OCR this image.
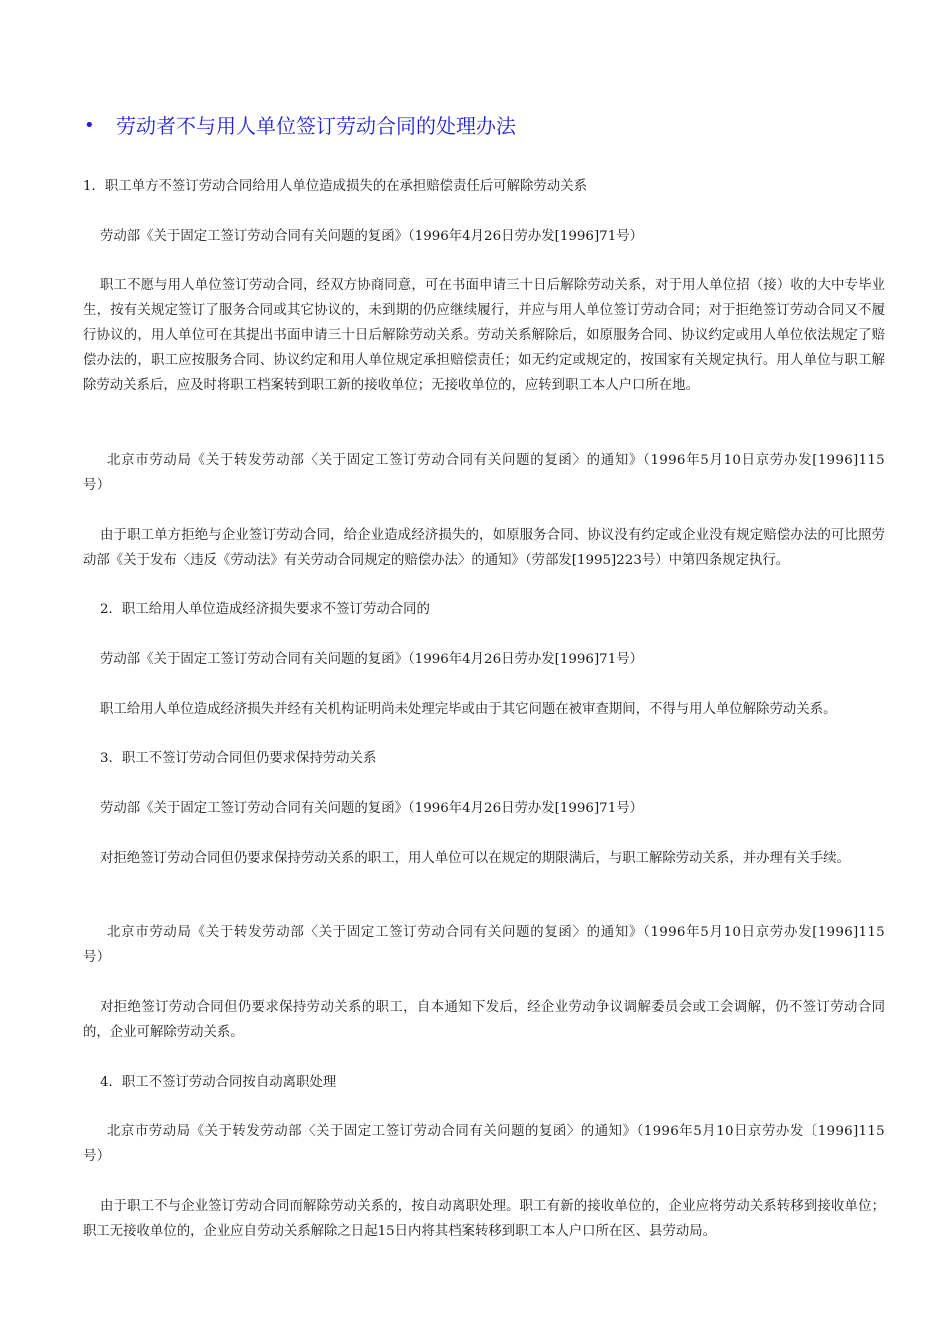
•	劳动者不与用人单位签订劳动合同的处理办法
1．职工单方不签订劳动合同给用人单位造成损失的在承担赔偿责任后可解除劳动关系
劳动部《关于固定工签订劳动合同有关问题的复函》（1996年4月26日劳办发[1996]71号）
职工不愿与用人单位签订劳动合同，经双方协商同意，可在书面申请三十日后解除劳动关系，对于用人单位招（接）收的大中专毕业生，按有关规定签订了服务合同或其它协议的，未到期的仍应继续履行，并应与用人单位签订劳动合同；对于拒绝签订劳动合同又不履行协议的，用人单位可在其提出书面申请三十日后解除劳动关系。劳动关系解除后，如原服务合同、协议约定或用人单位依法规定了赔偿办法的，职工应按服务合同、协议约定和用人单位规定承担赔偿责任；如无约定或规定的，按国家有关规定执行。用人单位与职工解除劳动关系后，应及时将职工档案转到职工新的接收单位；无接收单位的，应转到职工本人户口所在地。
北京市劳动局《关于转发劳动部〈关于固定工签订劳动合同有关问题的复函〉的通知》（1996年5月10日京劳办发[1996]115号）
由于职工单方拒绝与企业签订劳动合同，给企业造成经济损失的，如原服务合同、协议没有约定或企业没有规定赔偿办法的可比照劳动部《关于发布〈违反《劳动法》有关劳动合同规定的赔偿办法〉的通知》（劳部发[1995]223号）中第四条规定执行。
2．职工给用人单位造成经济损失要求不签订劳动合同的
劳动部《关于固定工签订劳动合同有关问题的复函》（1996年4月26日劳办发[1996]71号）
职工给用人单位造成经济损失并经有关机构证明尚未处理完毕或由于其它问题在被审查期间，不得与用人单位解除劳动关系。
3．职工不签订劳动合同但仍要求保持劳动关系
劳动部《关于固定工签订劳动合同有关问题的复函》（1996年4月26日劳办发[1996]71号）
对拒绝签订劳动合同但仍要求保持劳动关系的职工，用人单位可以在规定的期限满后，与职工解除劳动关系，并办理有关手续。
北京市劳动局《关于转发劳动部〈关于固定工签订劳动合同有关问题的复函〉的通知》（1996年5月10日京劳办发[1996]115号）
对拒绝签订劳动合同但仍要求保持劳动关系的职工，自本通知下发后，经企业劳动争议调解委员会或工会调解，仍不签订劳动合同的，企业可解除劳动关系。
4．职工不签订劳动合同按自动离职处理
北京市劳动局《关于转发劳动部〈关于固定工签订劳动合同有关问题的复函〉的通知》（1996年5月10日京劳办发〔1996]115号）
由于职工不与企业签订劳动合同而解除劳动关系的，按自动离职处理。职工有新的接收单位的，企业应将劳动关系转移到接收单位；职工无接收单位的，企业应自劳动关系解除之日起15日内将其档案转移到职工本人户口所在区、县劳动局。
